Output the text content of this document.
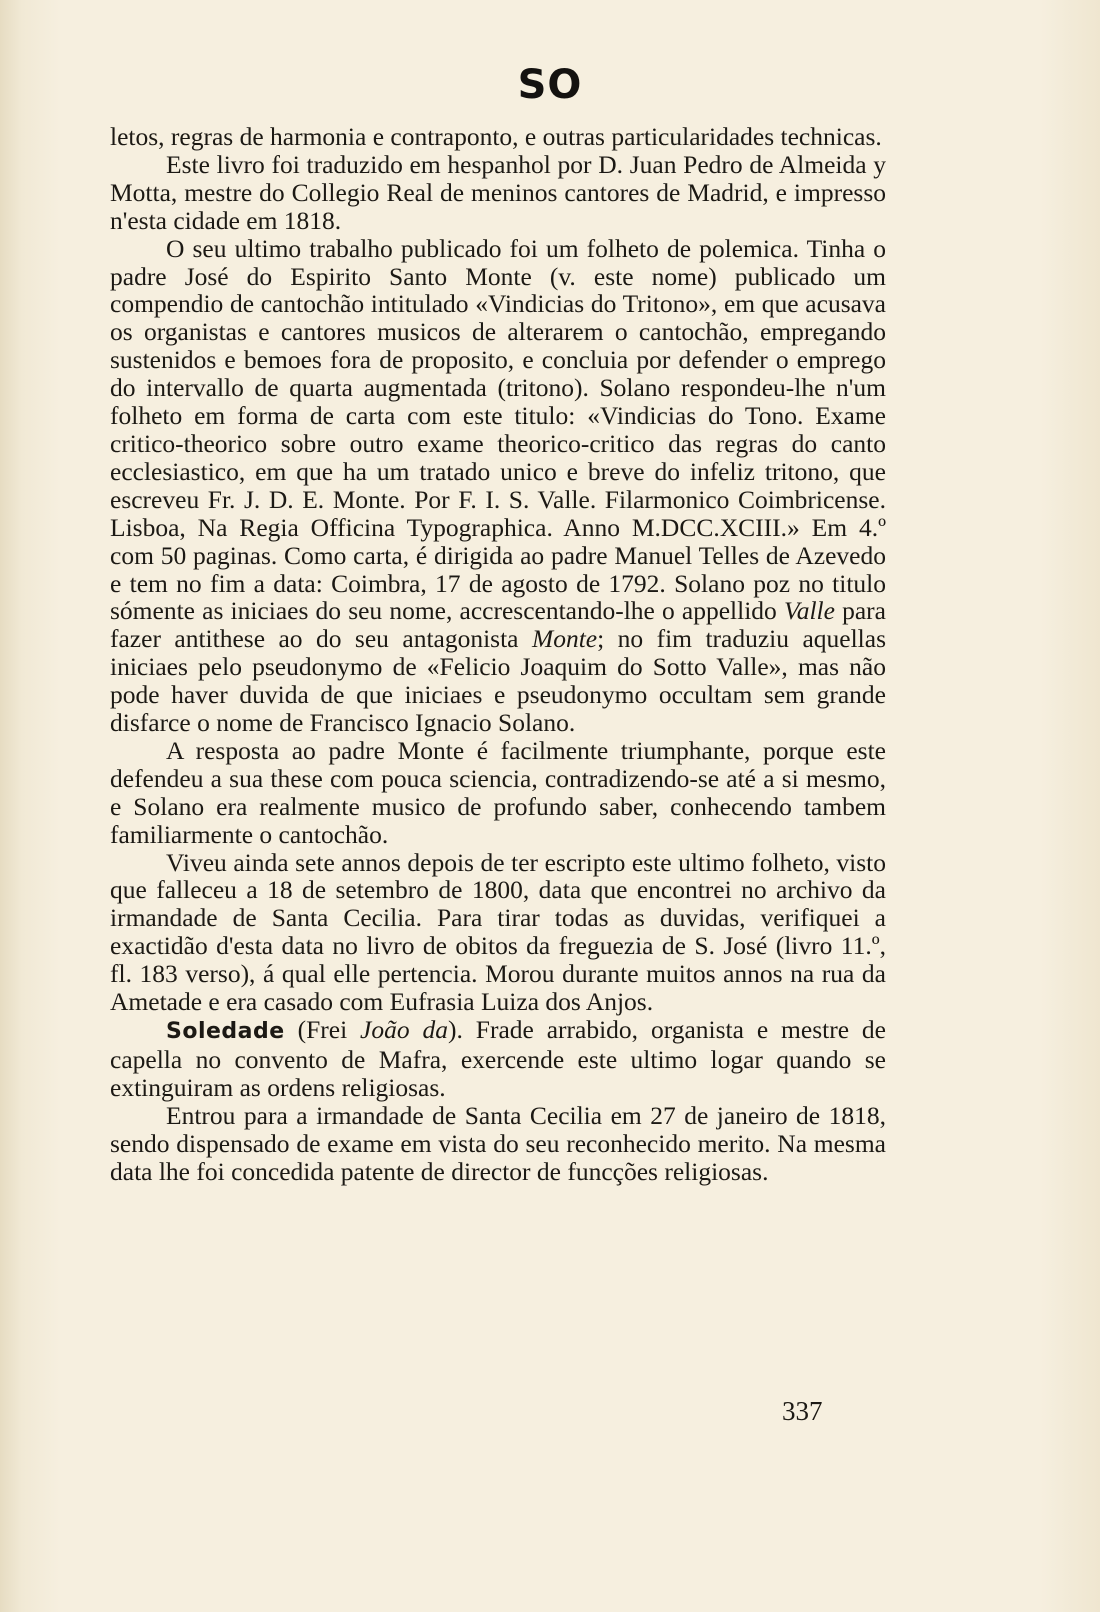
SO

letos, regras de harmonia e contraponto, e outras particularidades technicas.

Este livro foi traduzido em hespanhol por D. Juan Pedro de Almeida y Motta, mestre do Collegio Real de meninos cantores de Madrid, e impresso n'esta cidade em 1818.

O seu ultimo trabalho publicado foi um folheto de polemica. Tinha o padre José do Espirito Santo Monte (v. este nome) publicado um compendio de cantochão intitulado «Vindicias do Tritono», em que acusava os organistas e cantores musicos de alterarem o cantochão, empregando sustenidos e bemoes fora de proposito, e concluia por defender o emprego do intervallo de quarta augmentada (tritono). Solano respondeu-lhe n'um folheto em forma de carta com este titulo: «Vindicias do Tono. Exame critico-theorico sobre outro exame theorico-critico das regras do canto ecclesiastico, em que ha um tratado unico e breve do infeliz tritono, que escreveu Fr. J. D. E. Monte. Por F. I. S. Valle. Filarmonico Coimbricense. Lisboa, Na Regia Officina Typographica. Anno M.DCC.XCIII.» Em 4.º com 50 paginas. Como carta, é dirigida ao padre Manuel Telles de Azevedo e tem no fim a data: Coimbra, 17 de agosto de 1792. Solano poz no titulo sómente as iniciaes do seu nome, accrescentando-lhe o appellido Valle para fazer antithese ao do seu antagonista Monte; no fim traduziu aquellas iniciaes pelo pseudonymo de «Felicio Joaquim do Sotto Valle», mas não pode haver duvida de que iniciaes e pseudonymo occultam sem grande disfarce o nome de Francisco Ignacio Solano.

A resposta ao padre Monte é facilmente triumphante, porque este defendeu a sua these com pouca sciencia, contradizendo-se até a si mesmo, e Solano era realmente musico de profundo saber, conhecendo tambem familiarmente o cantochão.

Viveu ainda sete annos depois de ter escripto este ultimo folheto, visto que falleceu a 18 de setembro de 1800, data que encontrei no archivo da irmandade de Santa Cecilia. Para tirar todas as duvidas, verifiquei a exactidão d'esta data no livro de obitos da freguezia de S. José (livro 11.º, fl. 183 verso), á qual elle pertencia. Morou durante muitos annos na rua da Ametade e era casado com Eufrasia Luiza dos Anjos.

Soledade (Frei João da). Frade arrabido, organista e mestre de capella no convento de Mafra, exercende este ultimo logar quando se extinguiram as ordens religiosas.

Entrou para a irmandade de Santa Cecilia em 27 de janeiro de 1818, sendo dispensado de exame em vista do seu reconhecido merito. Na mesma data lhe foi concedida patente de director de funcções religiosas.

337
